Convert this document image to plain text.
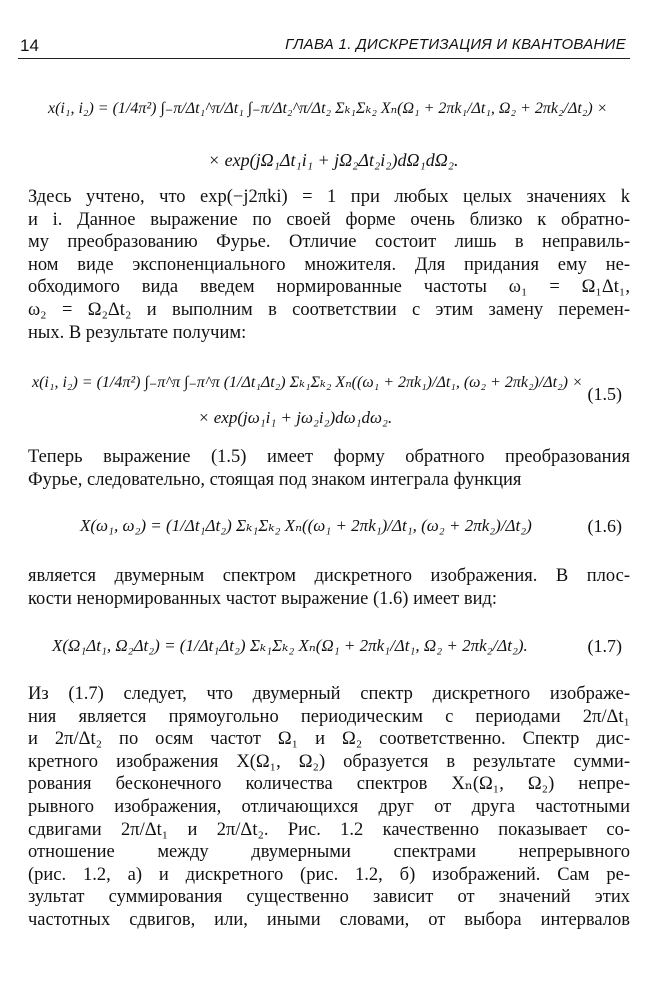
14	ГЛАВА 1. ДИСКРЕТИЗАЦИЯ И КВАНТОВАНИЕ
x(i₁, i₂) = (1/4π²) ∫₋π/Δt₁^π/Δt₁ ∫₋π/Δt₂^π/Δt₂ Σₖ₁Σₖ₂ Xₙ(Ω₁ + 2πk₁/Δt₁, Ω₂ + 2πk₂/Δt₂) ×
× exp(jΩ₁Δt₁i₁ + jΩ₂Δt₂i₂)dΩ₁dΩ₂.
Здесь учтено, что exp(−j2πki) = 1 при любых целых значениях k
и i. Данное выражение по своей форме очень близко к обратно-
му преобразованию Фурье. Отличие состоит лишь в неправиль-
ном виде экспоненциального множителя. Для придания ему не-
обходимого вида введем нормированные частоты ω₁ = Ω₁Δt₁,
ω₂ = Ω₂Δt₂ и выполним в соответствии с этим замену перемен-
ных. В результате получим:
x(i₁, i₂) = (1/4π²) ∫₋π^π ∫₋π^π (1/Δt₁Δt₂) Σₖ₁Σₖ₂ Xₙ((ω₁ + 2πk₁)/Δt₁, (ω₂ + 2πk₂)/Δt₂) ×
× exp(jω₁i₁ + jω₂i₂)dω₁dω₂.
(1.5)
Теперь выражение (1.5) имеет форму обратного преобразования
Фурье, следовательно, стоящая под знаком интеграла функция
X(ω₁, ω₂) = (1/Δt₁Δt₂) Σₖ₁Σₖ₂ Xₙ((ω₁ + 2πk₁)/Δt₁, (ω₂ + 2πk₂)/Δt₂)	(1.6)
является двумерным спектром дискретного изображения. В плос-
кости ненормированных частот выражение (1.6) имеет вид:
X(Ω₁Δt₁, Ω₂Δt₂) = (1/Δt₁Δt₂) Σₖ₁Σₖ₂ Xₙ(Ω₁ + 2πk₁/Δt₁, Ω₂ + 2πk₂/Δt₂).	(1.7)
Из (1.7) следует, что двумерный спектр дискретного изображе-
ния является прямоугольно периодическим с периодами 2π/Δt₁
и 2π/Δt₂ по осям частот Ω₁ и Ω₂ соответственно. Спектр дис-
кретного изображения X(Ω₁, Ω₂) образуется в результате сумми-
рования бесконечного количества спектров Xₙ(Ω₁, Ω₂) непре-
рывного изображения, отличающихся друг от друга частотными
сдвигами 2π/Δt₁ и 2π/Δt₂. Рис. 1.2 качественно показывает со-
отношение между двумерными спектрами непрерывного
(рис. 1.2, а) и дискретного (рис. 1.2, б) изображений. Сам ре-
зультат суммирования существенно зависит от значений этих
частотных сдвигов, или, иными словами, от выбора интервалов
